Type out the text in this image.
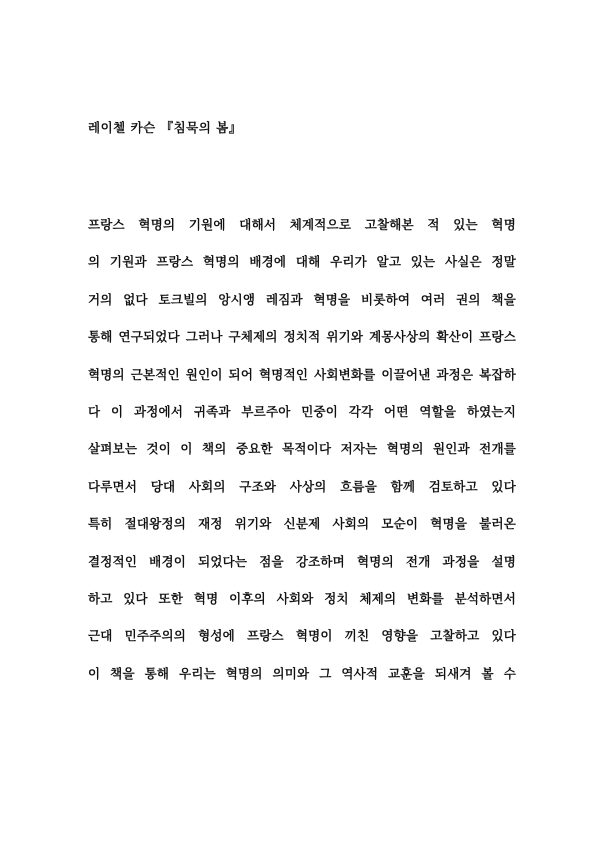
레이첼 카슨 『침묵의 봄』
프랑스 혁명의 기원에 대해서 체계적으로 고찰해본 적 있는 혁명
의 기원과 프랑스 혁명의 배경에 대해 우리가 알고 있는 사실은 정말
거의 없다 토크빌의 앙시앵 레짐과 혁명을 비롯하여 여러 권의 책을
통해 연구되었다 그러나 구체제의 정치적 위기와 계몽사상의 확산이 프랑스
혁명의 근본적인 원인이 되어 혁명적인 사회변화를 이끌어낸 과정은 복잡하
다 이 과정에서 귀족과 부르주아 민중이 각각 어떤 역할을 하였는지
살펴보는 것이 이 책의 중요한 목적이다 저자는 혁명의 원인과 전개를
다루면서 당대 사회의 구조와 사상의 흐름을 함께 검토하고 있다
특히 절대왕정의 재정 위기와 신분제 사회의 모순이 혁명을 불러온
결정적인 배경이 되었다는 점을 강조하며 혁명의 전개 과정을 설명
하고 있다 또한 혁명 이후의 사회와 정치 체제의 변화를 분석하면서
근대 민주주의의 형성에 프랑스 혁명이 끼친 영향을 고찰하고 있다
이 책을 통해 우리는 혁명의 의미와 그 역사적 교훈을 되새겨 볼 수
